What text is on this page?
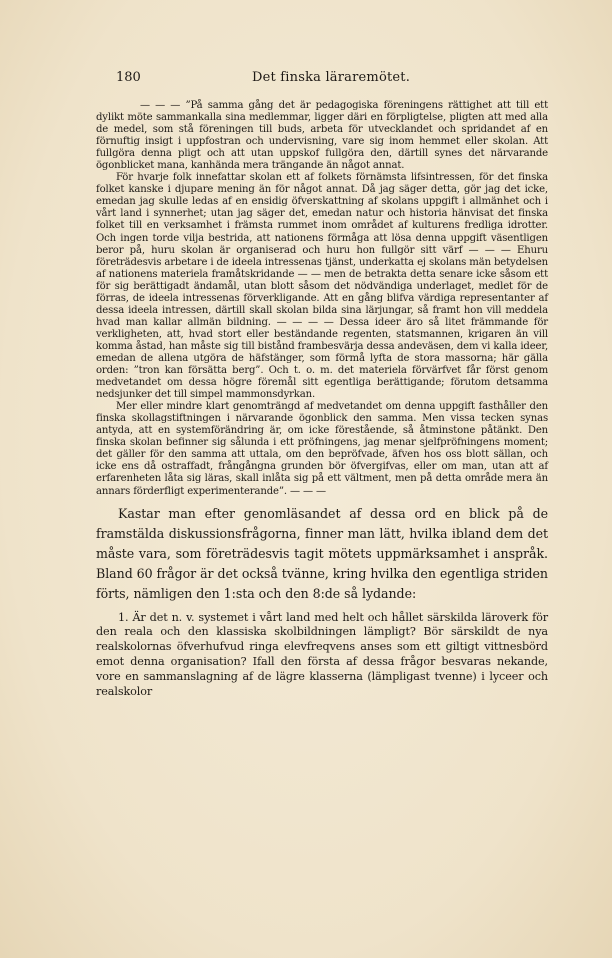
180	Det finska läraremötet.

— — — ”På samma gång det är pedagogiska föreningens rättighet att till ett dylikt möte sammankalla sina medlemmar, ligger däri en förpligtelse, pligten att med alla de medel, som stå föreningen till buds, arbeta för utvecklandet och spridandet af en förnuftig insigt i uppfostran och undervisning, vare sig inom hemmet eller skolan. Att fullgöra denna pligt och att utan uppskof fullgöra den, därtill synes det närvarande ögonblicket mana, kanhända mera trängande än något annat.

För hvarje folk innefattar skolan ett af folkets förnämsta lifsintressen, för det finska folket kanske i djupare mening än för något annat. Då jag säger detta, gör jag det icke, emedan jag skulle ledas af en ensidig öfverskattning af skolans uppgift i allmänhet och i vårt land i synnerhet; utan jag säger det, emedan natur och historia hänvisat det finska folket till en verksamhet i främsta rummet inom området af kulturens fredliga idrotter. Och ingen torde vilja bestrida, att nationens förmåga att lösa denna uppgift väsentligen beror på, huru skolan är organiserad och huru hon fullgör sitt värf — — — Ehuru företrädesvis arbetare i de ideela intressenas tjänst, underkatta ej skolans män betydelsen af nationens materiela framåtskridande — — men de betrakta detta senare icke såsom ett för sig berättigadt ändamål, utan blott såsom det nödvändiga underlaget, medlet för de förras, de ideela intressenas förverkligande. Att en gång blifva värdiga representanter af dessa ideela intressen, därtill skall skolan bilda sina lärjungar, så framt hon vill meddela hvad man kallar allmän bildning. — — — — Dessa ideer äro så litet främmande för verkligheten, att, hvad stort eller beständande regenten, statsmannen, krigaren än vill komma åstad, han måste sig till bistånd frambesvärja dessa andeväsen, dem vi kalla ideer, emedan de allena utgöra de häfstänger, som förmå lyfta de stora massorna; här gälla orden: ”tron kan försätta berg”. Och t. o. m. det materiela förvärfvet får först genom medvetandet om dessa högre föremål sitt egentliga berättigande; förutom detsamma nedsjunker det till simpel mammonsdyrkan.

Mer eller mindre klart genomträngd af medvetandet om denna uppgift fasthåller den finska skollagstiftningen i närvarande ögonblick den samma. Men vissa tecken synas antyda, att en systemförändring är, om icke förestående, så åtminstone påtänkt. Den finska skolan befinner sig sålunda i ett pröfningens, jag menar sjelfpröfningens moment; det gäller för den samma att uttala, om den bepröfvade, äfven hos oss blott sällan, och icke ens då ostraffadt, frångångna grunden bör öfvergifvas, eller om man, utan att af erfarenheten låta sig läras, skall inlåta sig på ett vältment, men på detta område mera än annars förderfligt experimenterande”. — — —

Kastar man efter genomläsandet af dessa ord en blick på de framstälda diskussionsfrågorna, finner man lätt, hvilka ibland dem det måste vara, som företrädesvis tagit mötets uppmärksamhet i anspråk. Bland 60 frågor är det också tvänne, kring hvilka den egentliga striden förts, nämligen den 1:sta och den 8:de så lydande:

1. Är det n. v. systemet i vårt land med helt och hållet särskilda läroverk för den reala och den klassiska skolbildningen lämpligt? Bör särskildt de nya realskolornas öfverhufvud ringa elevfreqvens anses som ett giltigt vittnesbörd emot denna organisation? Ifall den första af dessa frågor besvaras nekande, vore en sammanslagning af de lägre klasserna (lämpligast tvenne) i lyceer och realskolor
